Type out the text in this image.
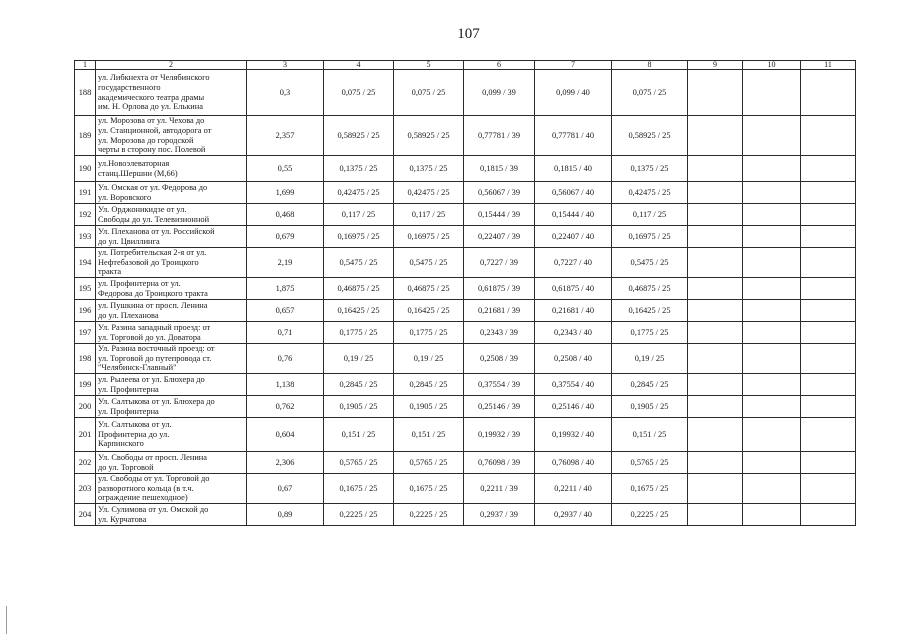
107
1	2	3	4	5	6	7	8	9	10	11
188	ул. Либкнехта от Челябинского
государственного
академического театра драмы
им. Н. Орлова до ул. Елькина	0,3	0,075 / 25	0,075 / 25	0,099 / 39	0,099 / 40	0,075 / 25			
189	ул. Морозова от ул. Чехова до
ул. Станционной, автодорога от
ул. Морозова до городской
черты в сторону пос. Полевой	2,357	0,58925 / 25	0,58925 / 25	0,77781 / 39	0,77781 / 40	0,58925 / 25			
190	ул.Новоэлеваторная
станц.Шершни (М,66)	0,55	0,1375 / 25	0,1375 / 25	0,1815 / 39	0,1815 / 40	0,1375 / 25			
191	Ул. Омская от ул. Федорова до
ул. Воровского	1,699	0,42475 / 25	0,42475 / 25	0,56067 / 39	0,56067 / 40	0,42475 / 25			
192	Ул. Орджоникидзе от ул.
Свободы до ул. Телевизионной	0,468	0,117 / 25	0,117 / 25	0,15444 / 39	0,15444 / 40	0,117 / 25			
193	Ул. Плеханова от ул. Российской
до ул. Цвиллинга	0,679	0,16975 / 25	0,16975 / 25	0,22407 / 39	0,22407 / 40	0,16975 / 25			
194	ул. Потребительская 2-я от ул.
Нефтебазовой до Троицкого
тракта	2,19	0,5475 / 25	0,5475 / 25	0,7227 / 39	0,7227 / 40	0,5475 / 25			
195	ул. Профинтерна от ул.
Федорова до Троицкого тракта	1,875	0,46875 / 25	0,46875 / 25	0,61875 / 39	0,61875 / 40	0,46875 / 25			
196	ул. Пушкина от просп. Ленина
до ул. Плеханова	0,657	0,16425 / 25	0,16425 / 25	0,21681 / 39	0,21681 / 40	0,16425 / 25			
197	Ул. Разина западный проезд: от
ул. Торговой до ул. Доватора	0,71	0,1775 / 25	0,1775 / 25	0,2343 / 39	0,2343 / 40	0,1775 / 25			
198	Ул. Разина восточный проезд: от
ул. Торговой до путепровода ст.
"Челябинск-Главный"	0,76	0,19 / 25	0,19 / 25	0,2508 / 39	0,2508 / 40	0,19 / 25			
199	ул. Рылеева от ул. Блюхера до
ул. Профинтерна	1,138	0,2845 / 25	0,2845 / 25	0,37554 / 39	0,37554 / 40	0,2845 / 25			
200	Ул. Салтыкова от ул. Блюхера до
ул. Профинтерна	0,762	0,1905 / 25	0,1905 / 25	0,25146 / 39	0,25146 / 40	0,1905 / 25			
201	Ул. Салтыкова от ул.
Профинтерна до ул.
Карпинского	0,604	0,151 / 25	0,151 / 25	0,19932 / 39	0,19932 / 40	0,151 / 25			
202	Ул. Свободы от просп. Ленина
до ул. Торговой	2,306	0,5765 / 25	0,5765 / 25	0,76098 / 39	0,76098 / 40	0,5765 / 25			
203	ул. Свободы от ул. Торговой до
разворотного кольца (в т.ч.
ограждение пешеходное)	0,67	0,1675 / 25	0,1675 / 25	0,2211 / 39	0,2211 / 40	0,1675 / 25			
204	Ул. Сулимова от ул. Омской до
ул. Курчатова	0,89	0,2225 / 25	0,2225 / 25	0,2937 / 39	0,2937 / 40	0,2225 / 25			
